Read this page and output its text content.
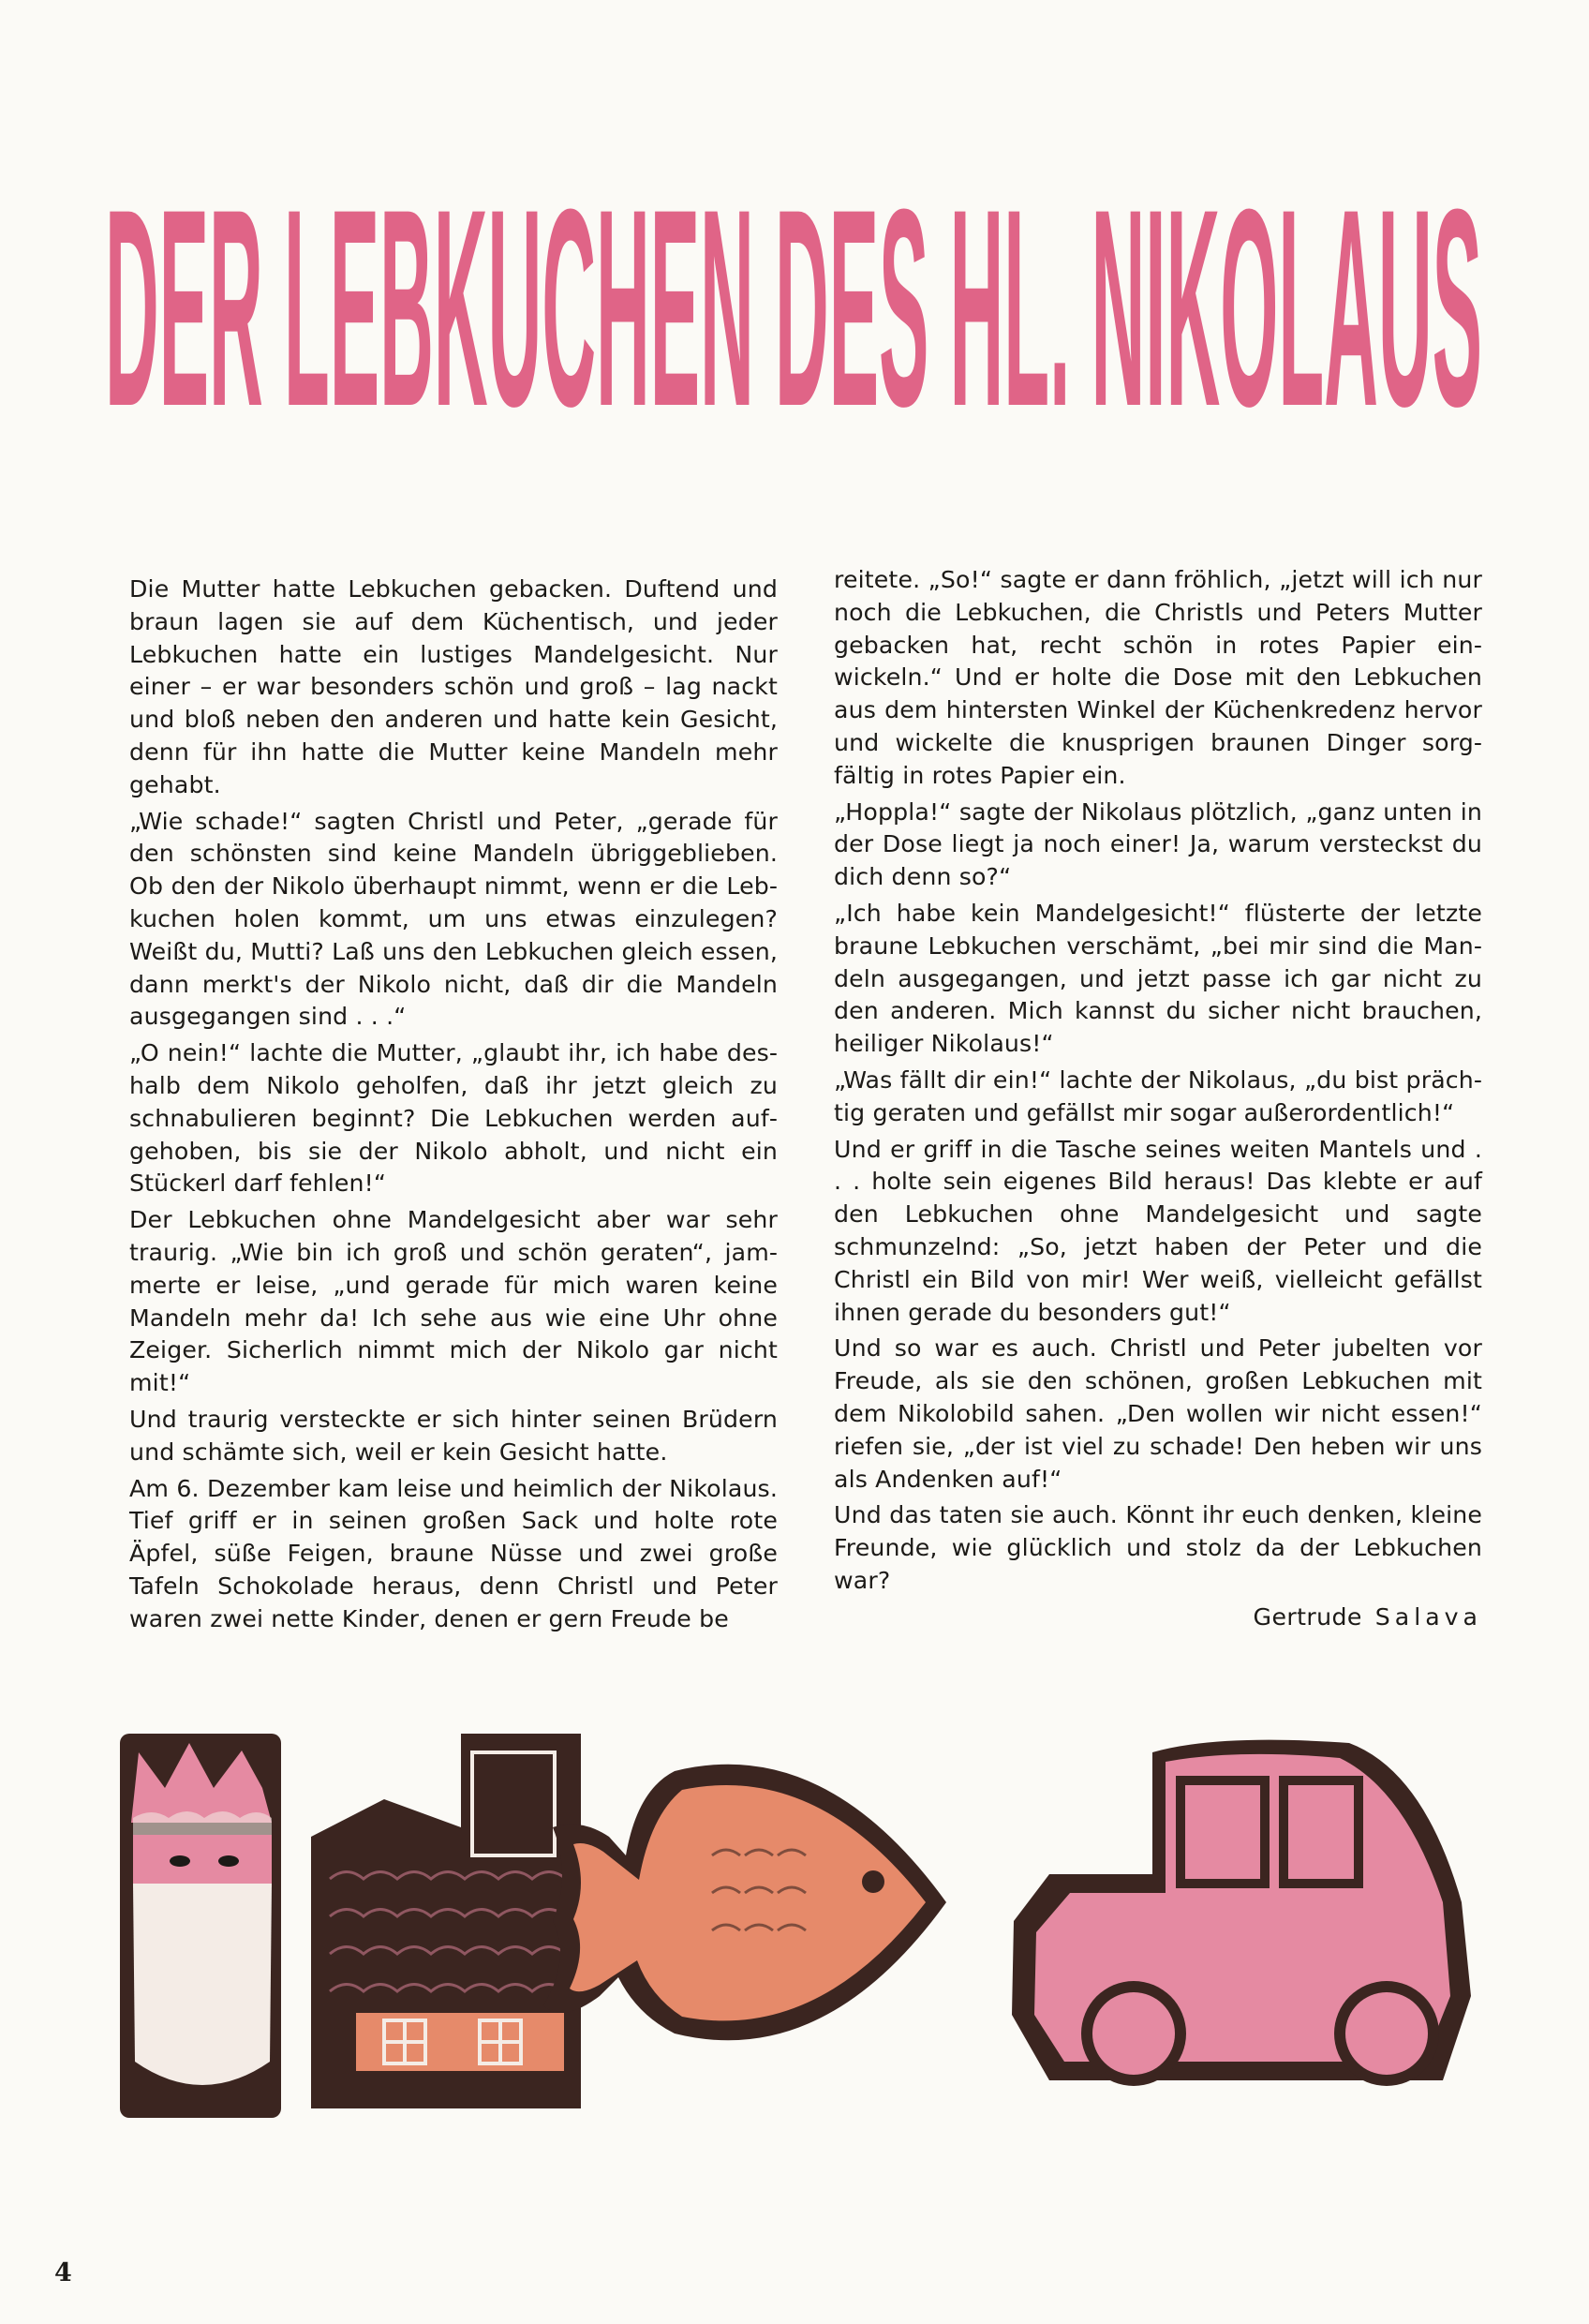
DER LEBKUCHEN DES HL. NIKOLAUS

Die Mutter hatte Lebkuchen gebacken. Duftend und braun lagen sie auf dem Küchentisch, und jeder Lebkuchen hatte ein lustiges Mandelgesicht. Nur einer – er war besonders schön und groß – lag nackt und bloß neben den anderen und hatte kein Gesicht, denn für ihn hatte die Mutter keine Mandeln mehr gehabt.

„Wie schade!“ sagten Christl und Peter, „gerade für den schönsten sind keine Mandeln übriggeblieben. Ob den der Nikolo überhaupt nimmt, wenn er die Lebkuchen holen kommt, um uns etwas einzulegen? Weißt du, Mutti? Laß uns den Lebkuchen gleich essen, dann merkt's der Nikolo nicht, daß dir die Mandeln ausgegangen sind . . .“

„O nein!“ lachte die Mutter, „glaubt ihr, ich habe deshalb dem Nikolo geholfen, daß ihr jetzt gleich zu schnabulieren beginnt? Die Lebkuchen werden aufgehoben, bis sie der Nikolo abholt, und nicht ein Stückerl darf fehlen!“

Der Lebkuchen ohne Mandelgesicht aber war sehr traurig. „Wie bin ich groß und schön geraten“, jammerte er leise, „und gerade für mich waren keine Mandeln mehr da! Ich sehe aus wie eine Uhr ohne Zeiger. Sicherlich nimmt mich der Nikolo gar nicht mit!“

Und traurig versteckte er sich hinter seinen Brüdern und schämte sich, weil er kein Gesicht hatte.

Am 6. Dezember kam leise und heimlich der Nikolaus. Tief griff er in seinen großen Sack und holte rote Äpfel, süße Feigen, braune Nüsse und zwei große Tafeln Schokolade heraus, denn Christl und Peter waren zwei nette Kinder, denen er gern Freude be

reitete. „So!“ sagte er dann fröhlich, „jetzt will ich nur noch die Lebkuchen, die Christls und Peters Mutter gebacken hat, recht schön in rotes Papier einwickeln.“ Und er holte die Dose mit den Lebkuchen aus dem hintersten Winkel der Küchenkredenz hervor und wickelte die knusprigen braunen Dinger sorgfältig in rotes Papier ein.

„Hoppla!“ sagte der Nikolaus plötzlich, „ganz unten in der Dose liegt ja noch einer! Ja, warum versteckst du dich denn so?“

„Ich habe kein Mandelgesicht!“ flüsterte der letzte braune Lebkuchen verschämt, „bei mir sind die Mandeln ausgegangen, und jetzt passe ich gar nicht zu den anderen. Mich kannst du sicher nicht brauchen, heiliger Nikolaus!“

„Was fällt dir ein!“ lachte der Nikolaus, „du bist prächtig geraten und gefällst mir sogar außerordentlich!“

Und er griff in die Tasche seines weiten Mantels und . . . holte sein eigenes Bild heraus! Das klebte er auf den Lebkuchen ohne Mandelgesicht und sagte schmunzelnd: „So, jetzt haben der Peter und die Christl ein Bild von mir! Wer weiß, vielleicht gefällst ihnen gerade du besonders gut!“

Und so war es auch. Christl und Peter jubelten vor Freude, als sie den schönen, großen Lebkuchen mit dem Nikolobild sahen. „Den wollen wir nicht essen!“ riefen sie, „der ist viel zu schade! Den heben wir uns als Andenken auf!“

Und das taten sie auch. Könnt ihr euch denken, kleine Freunde, wie glücklich und stolz da der Lebkuchen war?

Gertrude Salava

4
